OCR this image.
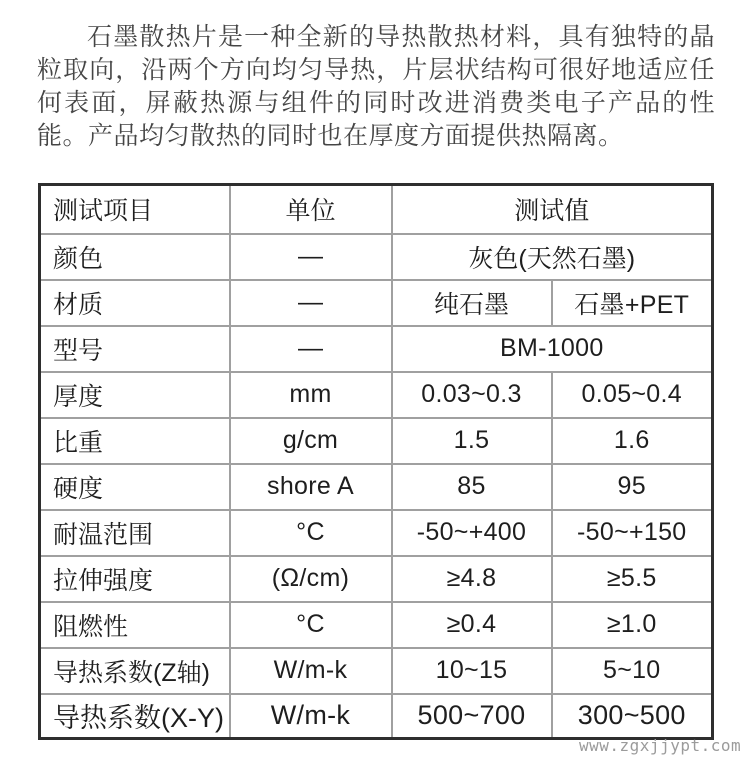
石墨散热片是一种全新的导热散热材料，具有独特的晶粒取向，沿两个方向均匀导热，片层状结构可很好地适应任何表面，屏蔽热源与组件的同时改进消费类电子产品的性能。产品均匀散热的同时也在厚度方面提供热隔离。

测试项目	单位	测试值	
颜色	—	灰色(天然石墨)	
材质	—	纯石墨	石墨+PET
型号	—	BM-1000	
厚度	mm	0.03~0.3	0.05~0.4
比重	g/cm	1.5	1.6
硬度	shore A	85	95
耐温范围	°C	-50~+400	-50~+150
拉伸强度	(Ω/cm)	≥4.8	≥5.5
阻燃性	°C	≥0.4	≥1.0
导热系数(Z轴)	W/m-k	10~15	5~10
导热系数(X-Y)	W/m-k	500~700	300~500
www.zgxjjypt.com
